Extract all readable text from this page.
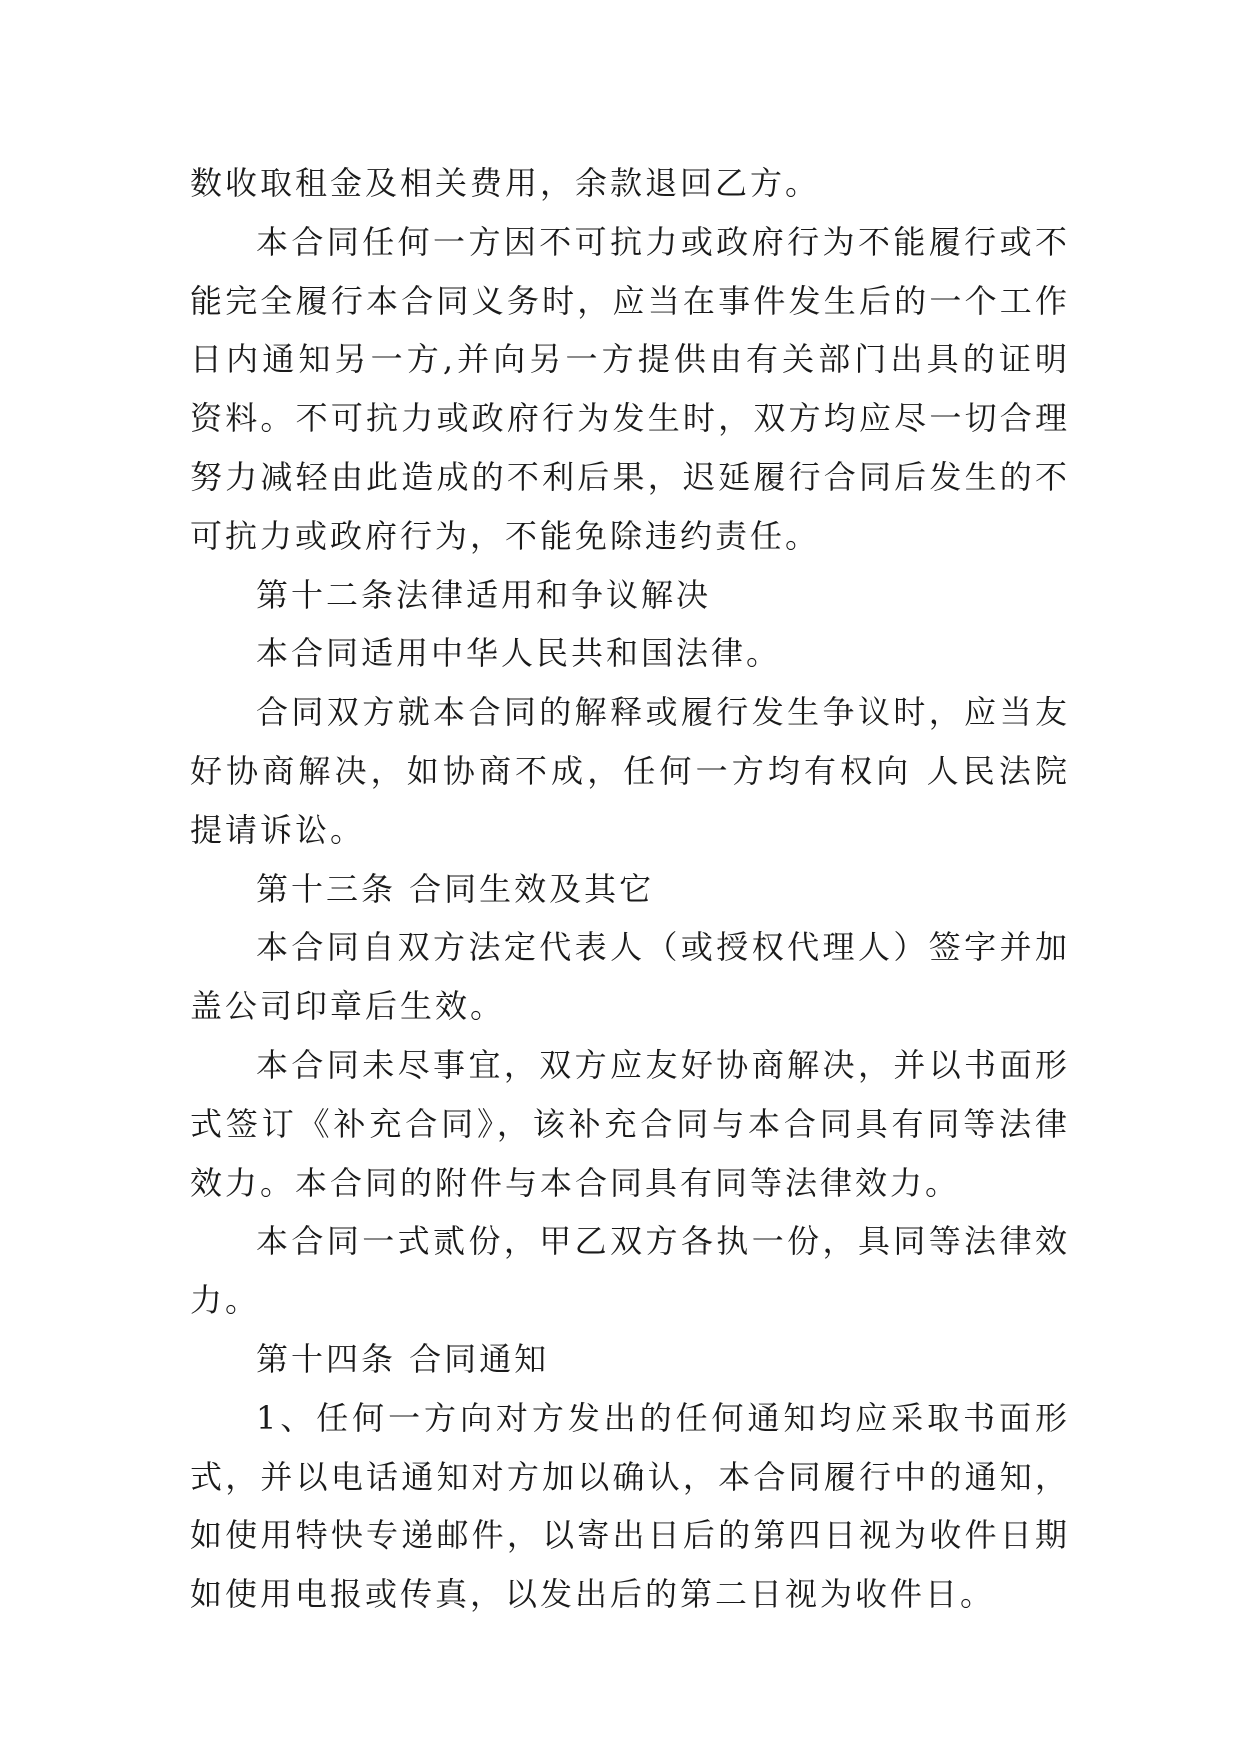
数收取租金及相关费用，余款退回乙方。

本合同任何一方因不可抗力或政府行为不能履行或不能完全履行本合同义务时，应当在事件发生后的一个工作日内通知另一方,并向另一方提供由有关部门出具的证明资料。不可抗力或政府行为发生时，双方均应尽一切合理努力减轻由此造成的不利后果，迟延履行合同后发生的不可抗力或政府行为，不能免除违约责任。

第十二条法律适用和争议解决

本合同适用中华人民共和国法律。

合同双方就本合同的解释或履行发生争议时，应当友好协商解决，如协商不成，任何一方均有权向 人民法院提请诉讼。

第十三条 合同生效及其它

本合同自双方法定代表人（或授权代理人）签字并加盖公司印章后生效。

本合同未尽事宜，双方应友好协商解决，并以书面形式签订《补充合同》，该补充合同与本合同具有同等法律效力。本合同的附件与本合同具有同等法律效力。

本合同一式贰份，甲乙双方各执一份，具同等法律效力。

第十四条 合同通知

1、任何一方向对方发出的任何通知均应采取书面形式，并以电话通知对方加以确认，本合同履行中的通知，如使用特快专递邮件，以寄出日后的第四日视为收件日期如使用电报或传真，以发出后的第二日视为收件日。
